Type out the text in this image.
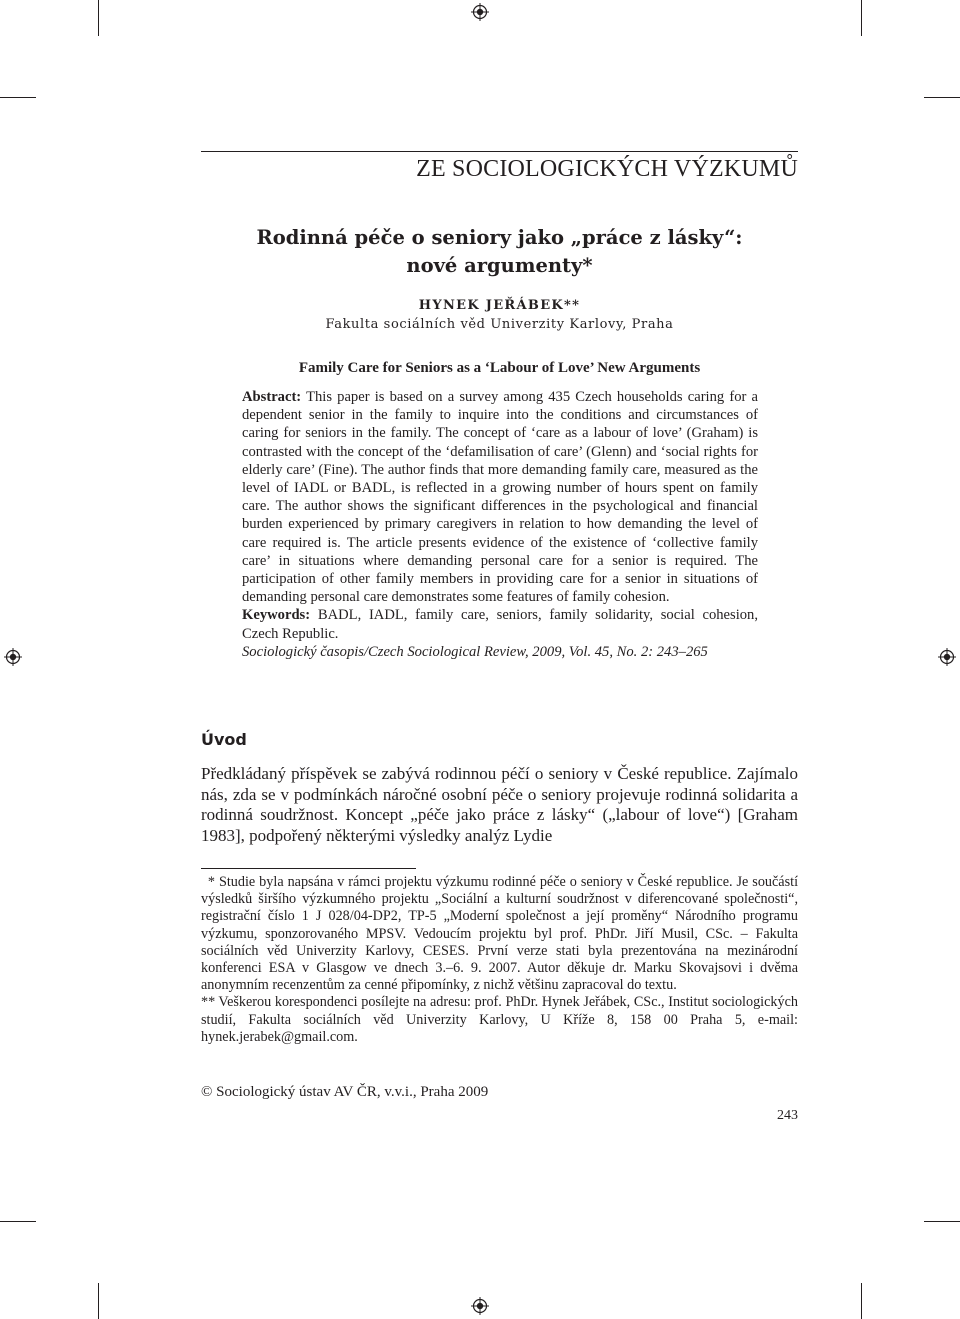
ZE SOCIOLOGICKÝCH VÝZKUMŮ
Rodinná péče o seniory jako „práce z lásky“:
nové argumenty*
HYNEK JEŘÁBEK**
Fakulta sociálních věd Univerzity Karlovy, Praha
Family Care for Seniors as a ‘Labour of Love’ New Arguments

Abstract: This paper is based on a survey among 435 Czech households caring for a dependent senior in the family to inquire into the conditions and circumstances of caring for seniors in the family. The concept of ‘care as a labour of love’ (Graham) is contrasted with the concept of the ‘defamilisation of care’ (Glenn) and ‘social rights for elderly care’ (Fine). The author finds that more demanding family care, measured as the level of IADL or BADL, is reflected in a growing number of hours spent on family care. The author shows the significant differences in the psychological and financial burden experienced by primary caregivers in relation to how demanding the level of care required is. The article presents evidence of the existence of ‘collective family care’ in situations where demanding personal care for a senior is required. The participation of other family members in providing care for a senior in situations of demanding personal care demonstrates some features of family cohesion.

Keywords: BADL, IADL, family care, seniors, family solidarity, social cohesion, Czech Republic.

Sociologický časopis/Czech Sociological Review, 2009, Vol. 45, No. 2: 243–265

Úvod
Předkládaný příspěvek se zabývá rodinnou péčí o seniory v České republice. Zajímalo nás, zda se v podmínkách náročné osobní péče o seniory projevuje rodinná solidarita a rodinná soudržnost. Koncept „péče jako práce z lásky“ („labour of love“) [Graham 1983], podpořený některými výsledky analýz Lydie

* Studie byla napsána v rámci projektu výzkumu rodinné péče o seniory v České republice. Je součástí výsledků širšího výzkumného projektu „Sociální a kulturní soudržnost v diferencované společnosti“, registrační číslo 1 J 028/04-DP2, TP-5 „Moderní společnost a její proměny“ Národního programu výzkumu, sponzorovaného MPSV. Vedoucím projektu byl prof. PhDr. Jiří Musil, CSc. – Fakulta sociálních věd Univerzity Karlovy, CESES. První verze stati byla prezentována na mezinárodní konferenci ESA v Glasgow ve dnech 3.–6. 9. 2007. Autor děkuje dr. Marku Skovajsovi i dvěma anonymním recenzentům za cenné připomínky, z nichž většinu zapracoval do textu.

** Veškerou korespondenci posílejte na adresu: prof. PhDr. Hynek Jeřábek, CSc., Institut sociologických studií, Fakulta sociálních věd Univerzity Karlovy, U Kříže 8, 158 00 Praha 5, e-mail: hynek.jerabek@gmail.com.

© Sociologický ústav AV ČR, v.v.i., Praha 2009
243
